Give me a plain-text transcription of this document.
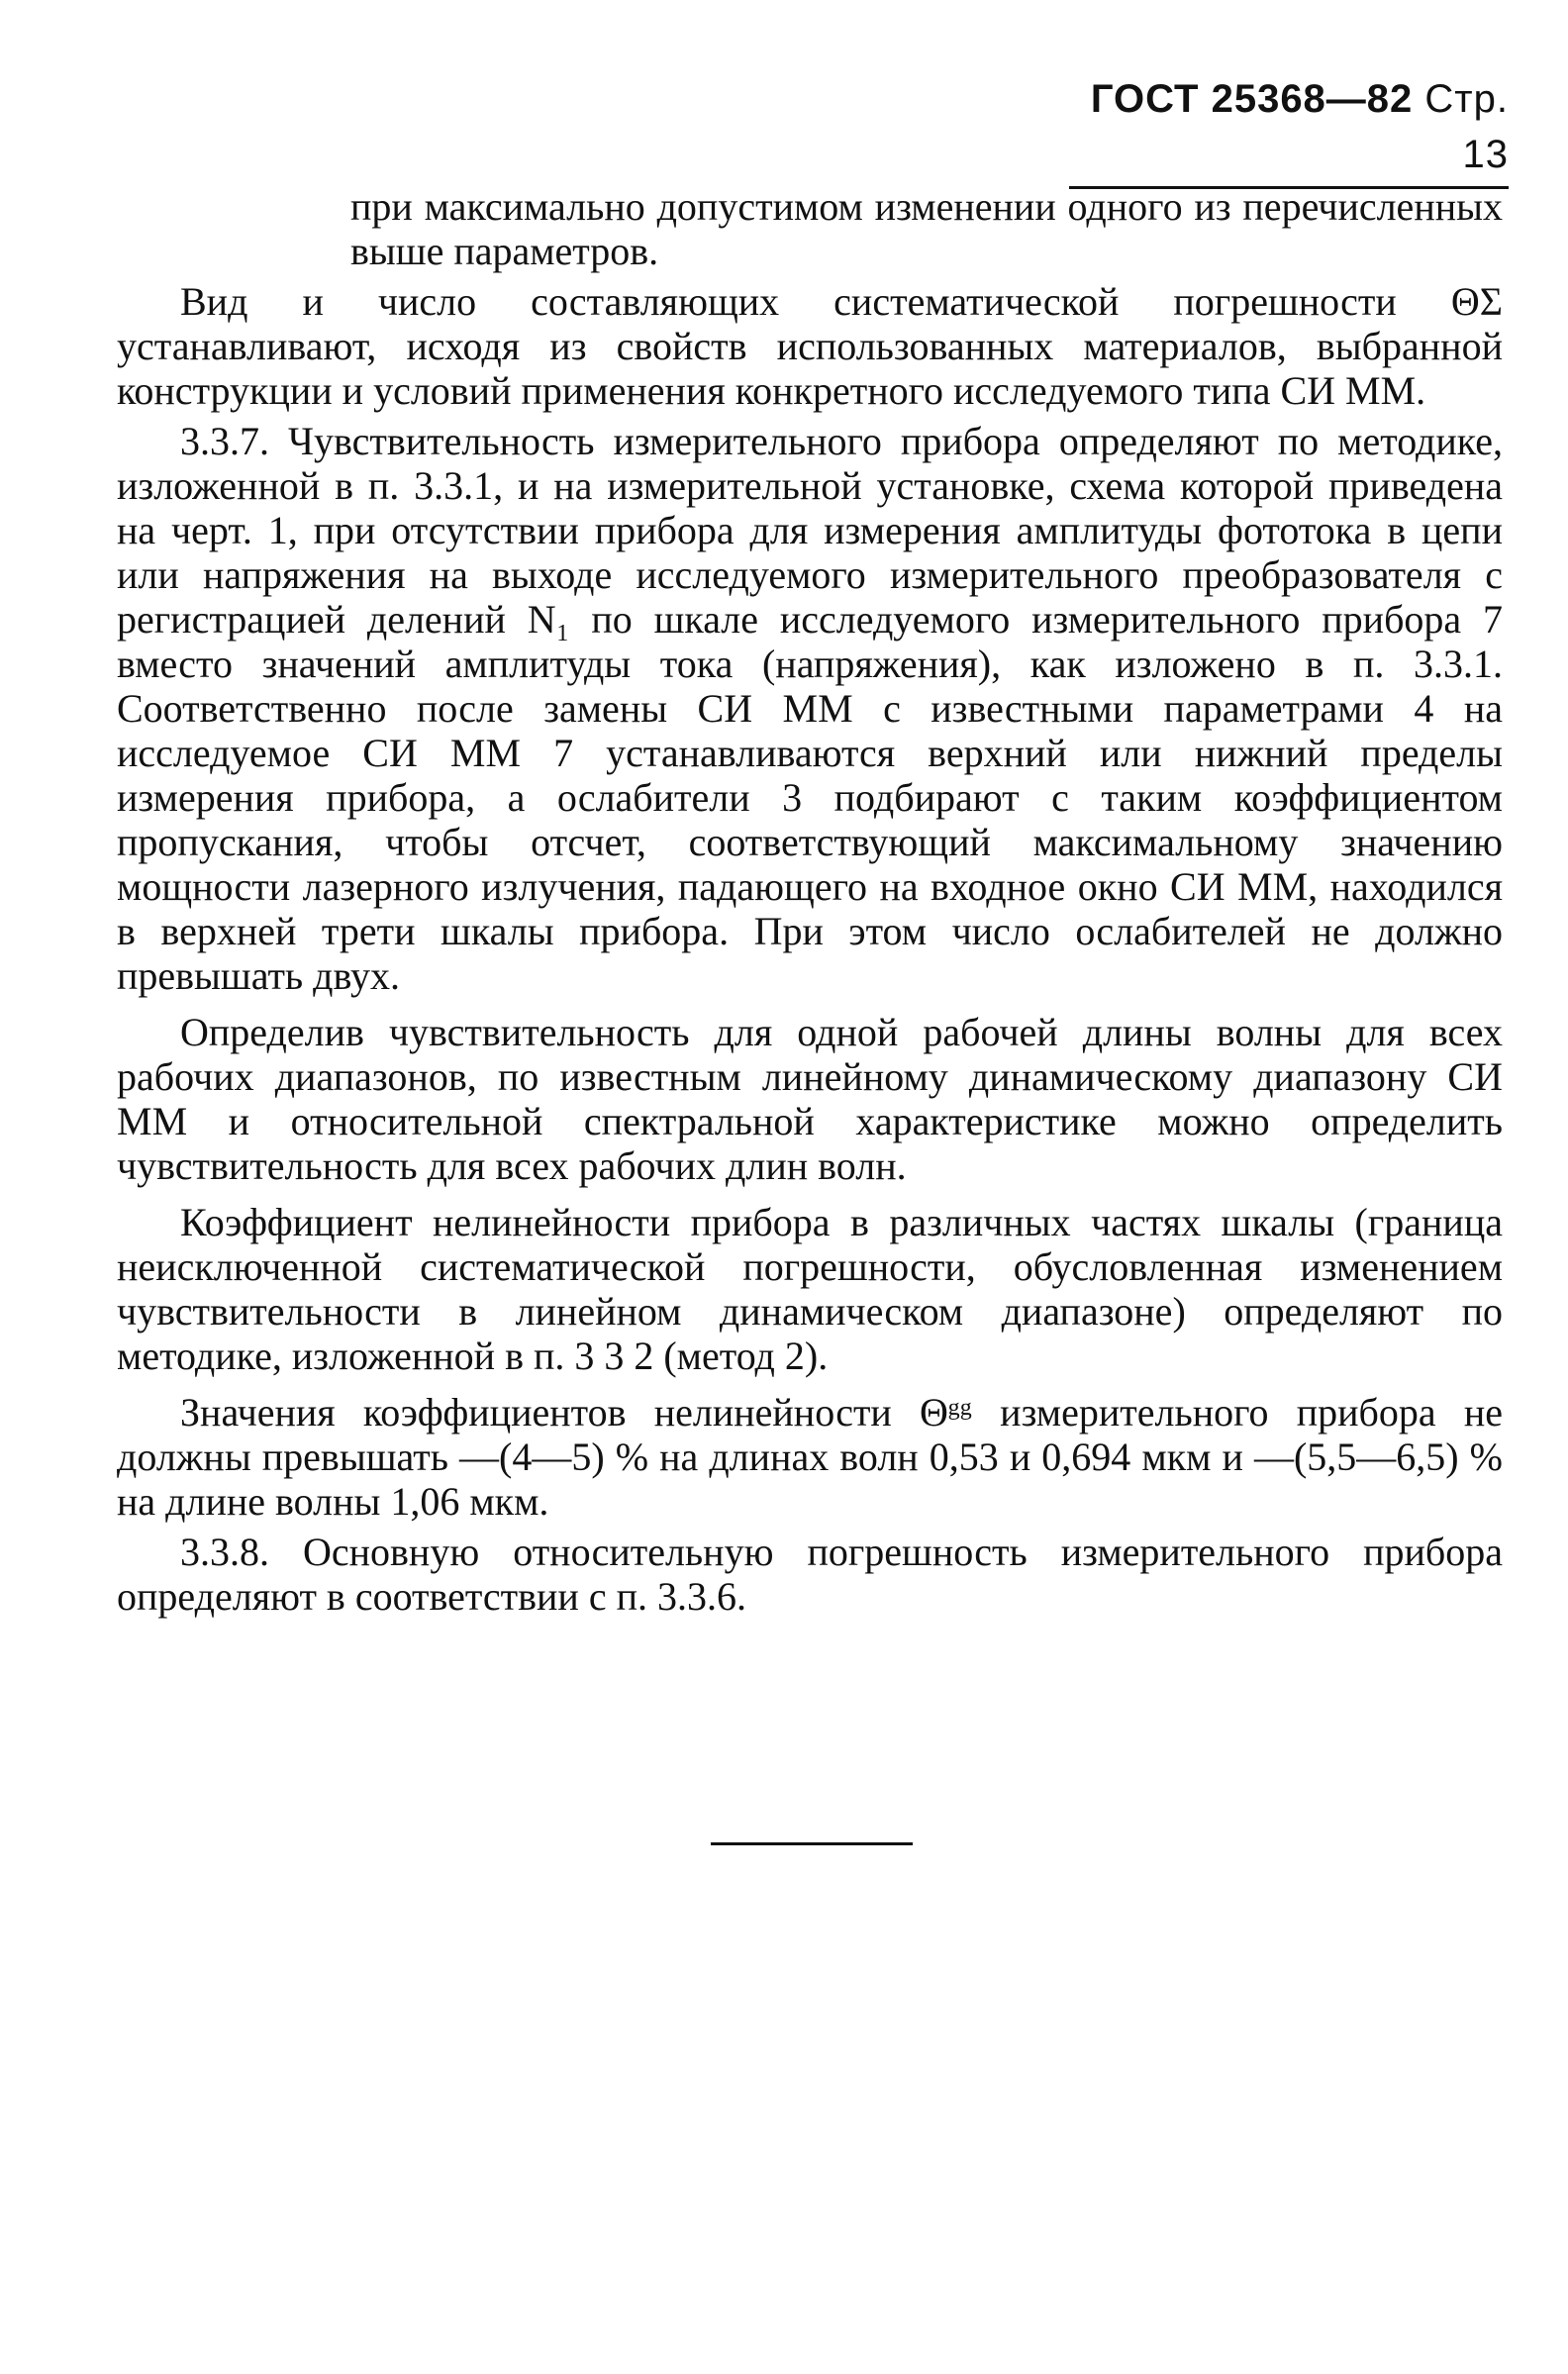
ГОСТ 25368—82 Стр. 13

при максимально допустимом изменении одного из перечисленных выше параметров.

Вид и число составляющих систематической погрешности ΘΣ устанавливают, исходя из свойств использованных материалов, выбранной конструкции и условий применения конкретного исследуемого типа СИ ММ.

3.3.7. Чувствительность измерительного прибора определяют по методике, изложенной в п. 3.3.1, и на измерительной установке, схема которой приведена на черт. 1, при отсутствии прибора для измерения амплитуды фототока в цепи или напряжения на выходе исследуемого измерительного преобразователя с регистрацией делений N₁ по шкале исследуемого измерительного прибора 7 вместо значений амплитуды тока (напряжения), как изложено в п. 3.3.1. Соответственно после замены СИ ММ с известными параметрами 4 на исследуемое СИ ММ 7 устанавливаются верхний или нижний пределы измерения прибора, а ослабители 3 подбирают с таким коэффициентом пропускания, чтобы отсчет, соответствующий максимальному значению мощности лазерного излучения, падающего на входное окно СИ ММ, находился в верхней трети шкалы прибора. При этом число ослабителей не должно превышать двух.

Определив чувствительность для одной рабочей длины волны для всех рабочих диапазонов, по известным линейному динамическому диапазону СИ ММ и относительной спектральной характеристике можно определить чувствительность для всех рабочих длин волн.

Коэффициент нелинейности прибора в различных частях шкалы (граница неисключенной систематической погрешности, обусловленная изменением чувствительности в линейном динамическом диапазоне) определяют по методике, изложенной в п. 3 3 2 (метод 2).

Значения коэффициентов нелинейности Θᵍᵍ измерительного прибора не должны превышать —(4—5) % на длинах волн 0,53 и 0,694 мкм и —(5,5—6,5) % на длине волны 1,06 мкм.

3.3.8. Основную относительную погрешность измерительного прибора определяют в соответствии с п. 3.3.6.
